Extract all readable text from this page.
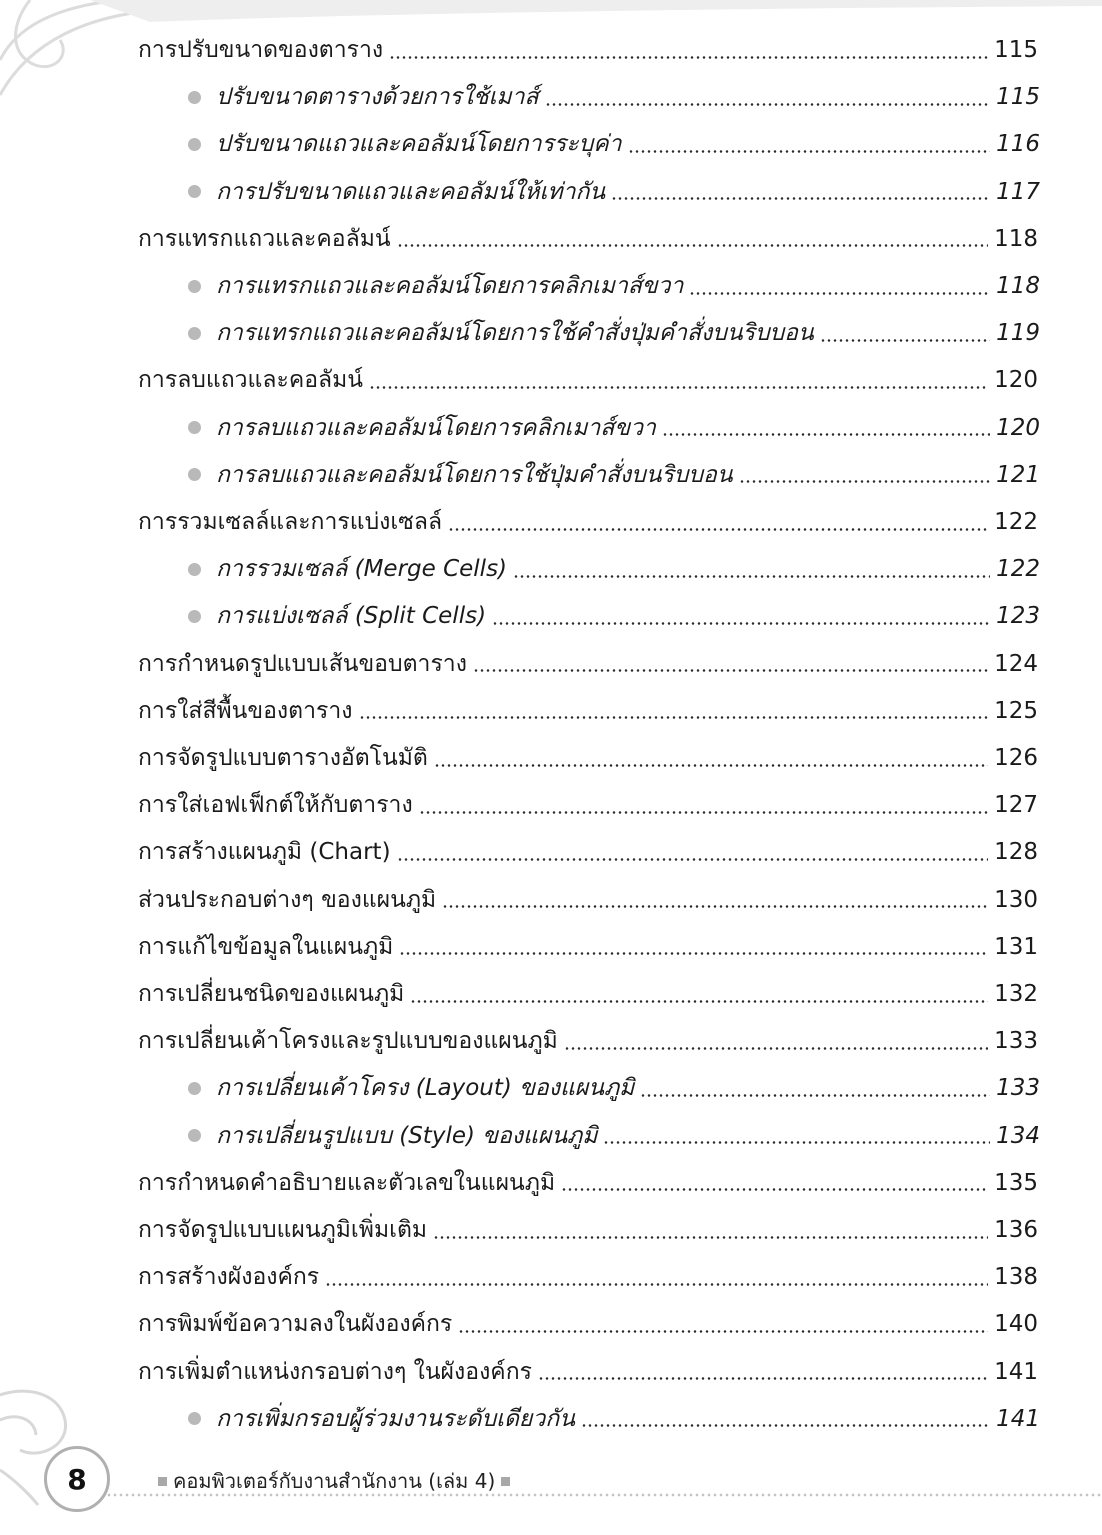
การปรับขนาดของตาราง	115
ปรับขนาดตารางด้วยการใช้เมาส์	115
ปรับขนาดแถวและคอลัมน์โดยการระบุค่า	116
การปรับขนาดแถวและคอลัมน์ให้เท่ากัน	117
การแทรกแถวและคอลัมน์	118
การแทรกแถวและคอลัมน์โดยการคลิกเมาส์ขวา	118
การแทรกแถวและคอลัมน์โดยการใช้คำสั่งปุ่มคำสั่งบนริบบอน	119
การลบแถวและคอลัมน์	120
การลบแถวและคอลัมน์โดยการคลิกเมาส์ขวา	120
การลบแถวและคอลัมน์โดยการใช้ปุ่มคำสั่งบนริบบอน	121
การรวมเซลล์และการแบ่งเซลล์	122
การรวมเซลล์ (Merge Cells)	122
การแบ่งเซลล์ (Split Cells)	123
การกำหนดรูปแบบเส้นขอบตาราง	124
การใส่สีพื้นของตาราง	125
การจัดรูปแบบตารางอัตโนมัติ	126
การใส่เอฟเฟ็กต์ให้กับตาราง	127
การสร้างแผนภูมิ (Chart)	128
ส่วนประกอบต่างๆ ของแผนภูมิ	130
การแก้ไขข้อมูลในแผนภูมิ	131
การเปลี่ยนชนิดของแผนภูมิ	132
การเปลี่ยนเค้าโครงและรูปแบบของแผนภูมิ	133
การเปลี่ยนเค้าโครง (Layout) ของแผนภูมิ	133
การเปลี่ยนรูปแบบ (Style) ของแผนภูมิ	134
การกำหนดคำอธิบายและตัวเลขในแผนภูมิ	135
การจัดรูปแบบแผนภูมิเพิ่มเติม	136
การสร้างผังองค์กร	138
การพิมพ์ข้อความลงในผังองค์กร	140
การเพิ่มตำแหน่งกรอบต่างๆ ในผังองค์กร	141
การเพิ่มกรอบผู้ร่วมงานระดับเดียวกัน	141
8	คอมพิวเตอร์กับงานสำนักงาน (เล่ม 4)
